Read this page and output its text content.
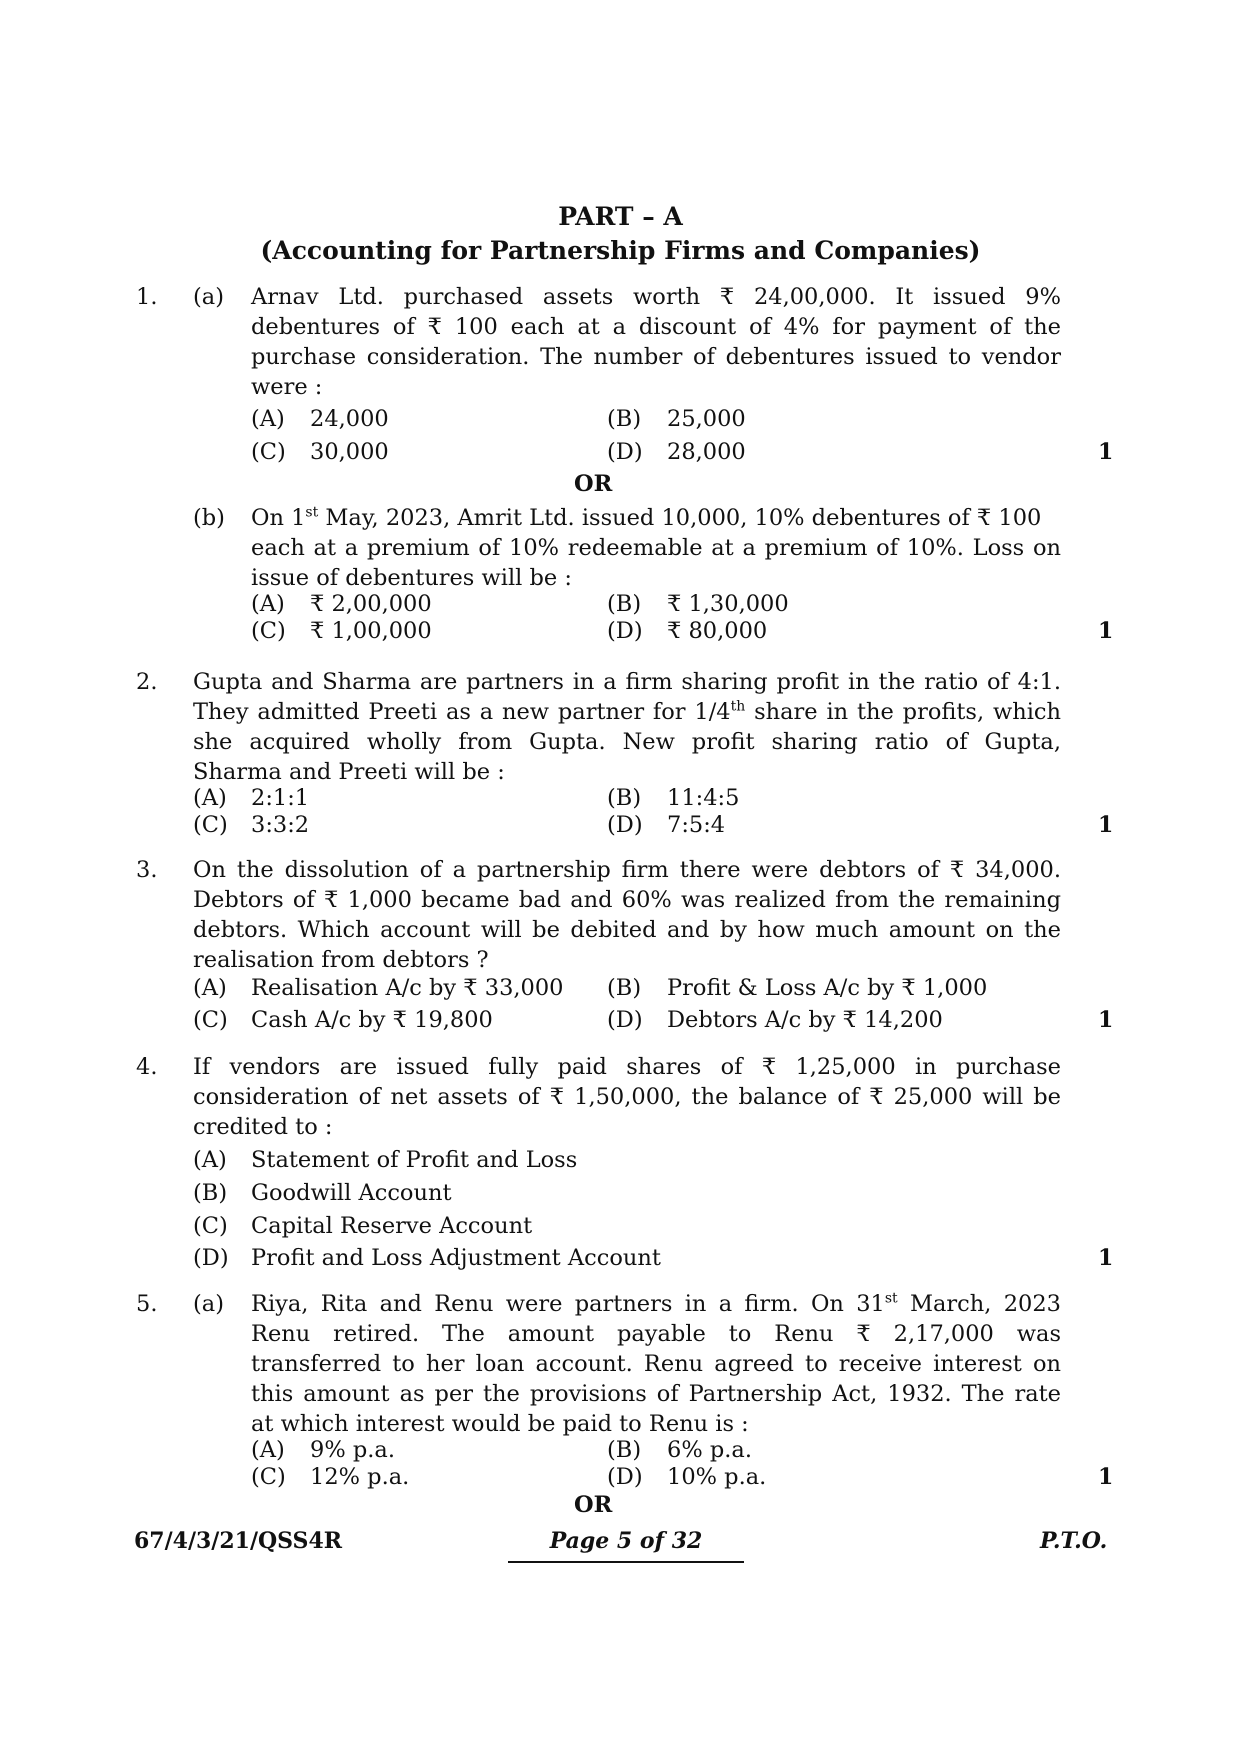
PART – A
(Accounting for Partnership Firms and Companies)
1. (a) Arnav Ltd. purchased assets worth ₹ 24,00,000. It issued 9%
debentures of ₹ 100 each at a discount of 4% for payment of the
purchase consideration. The number of debentures issued to vendor
were :
(A) 24,000	(B) 25,000
(C) 30,000	(D) 28,000	1
OR
(b) On 1st May, 2023, Amrit Ltd. issued 10,000, 10% debentures of ₹ 100
each at a premium of 10% redeemable at a premium of 10%. Loss on
issue of debentures will be :
(A) ₹ 2,00,000	(B) ₹ 1,30,000
(C) ₹ 1,00,000	(D) ₹ 80,000	1
2. Gupta and Sharma are partners in a firm sharing profit in the ratio of 4:1.
They admitted Preeti as a new partner for 1/4th share in the profits, which
she acquired wholly from Gupta. New profit sharing ratio of Gupta,
Sharma and Preeti will be :
(A) 2:1:1	(B) 11:4:5
(C) 3:3:2	(D) 7:5:4	1
3. On the dissolution of a partnership firm there were debtors of ₹ 34,000.
Debtors of ₹ 1,000 became bad and 60% was realized from the remaining
debtors. Which account will be debited and by how much amount on the
realisation from debtors ?
(A) Realisation A/c by ₹ 33,000 (B) Profit & Loss A/c by ₹ 1,000
(C) Cash A/c by ₹ 19,800	(D) Debtors A/c by ₹ 14,200	1
4. If vendors are issued fully paid shares of ₹ 1,25,000 in purchase
consideration of net assets of ₹ 1,50,000, the balance of ₹ 25,000 will be
credited to :
(A) Statement of Profit and Loss
(B) Goodwill Account
(C) Capital Reserve Account
(D) Profit and Loss Adjustment Account	1
5. (a) Riya, Rita and Renu were partners in a firm. On 31st March, 2023
Renu retired. The amount payable to Renu ₹ 2,17,000 was
transferred to her loan account. Renu agreed to receive interest on
this amount as per the provisions of Partnership Act, 1932. The rate
at which interest would be paid to Renu is :
(A) 9% p.a.	(B) 6% p.a.
(C) 12% p.a.	(D) 10% p.a.	1
OR
67/4/3/21/QSS4R	Page 5 of 32	P.T.O.
